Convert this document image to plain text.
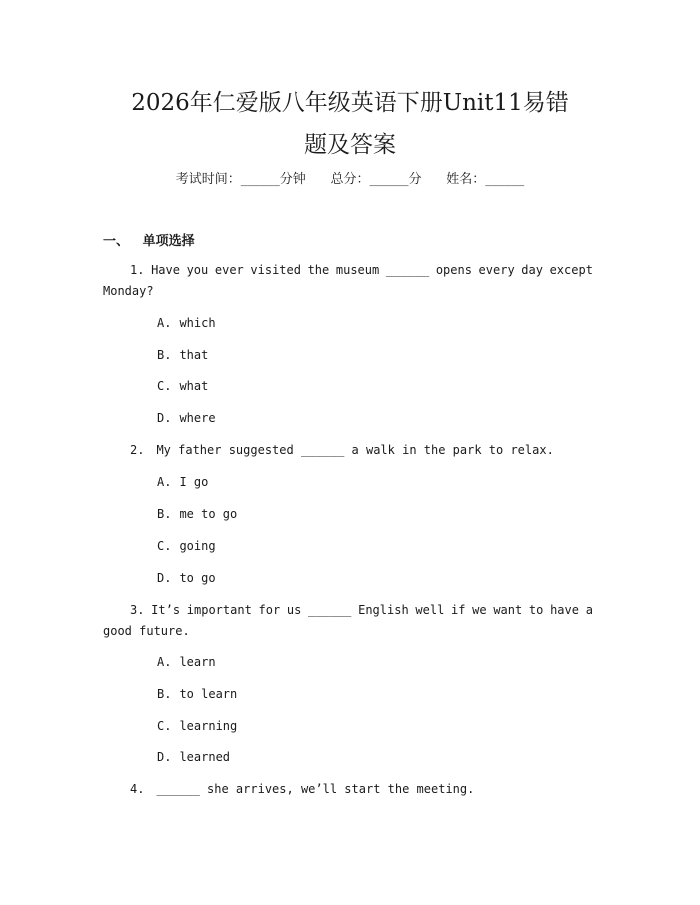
2026年仁爱版八年级英语下册Unit11易错
题及答案
考试时间：______分钟      总分：______分      姓名：______
一、   单项选择
1. Have you ever visited the museum ______ opens every day except
Monday?
A. which
B. that
C. what
D. where
2. My father suggested ______ a walk in the park to relax.
A. I go
B. me to go
C. going
D. to go
3. It’s important for us ______ English well if we want to have a
good future.
A. learn
B. to learn
C. learning
D. learned
4. ______ she arrives, we’ll start the meeting.
